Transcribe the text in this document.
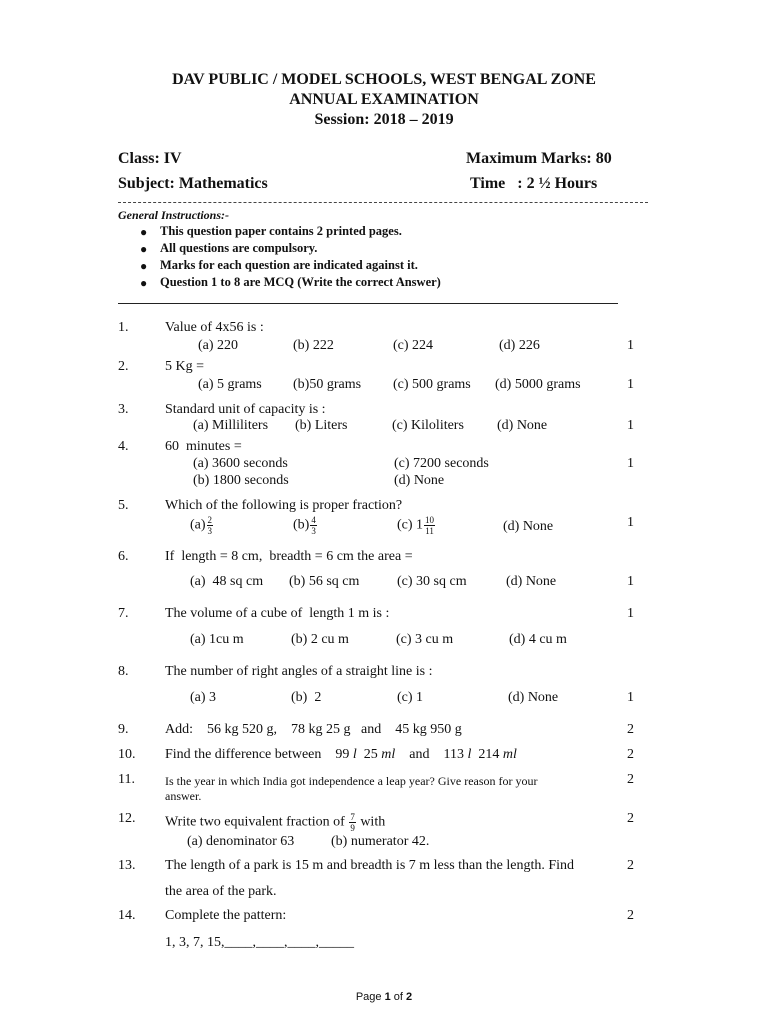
DAV PUBLIC / MODEL SCHOOLS, WEST BENGAL ZONE
ANNUAL EXAMINATION
Session: 2018 – 2019
Class: IV	Maximum Marks: 80
Subject: Mathematics	Time   : 2 ½ Hours
General Instructions:-
● This question paper contains 2 printed pages.
● All questions are compulsory.
● Marks for each question are indicated against it.
● Question 1 to 8 are MCQ (Write the correct Answer)
1.	Value of 4x56 is :
(a) 220	(b) 222	(c) 224	(d) 226	1
2.	5 Kg =
(a) 5 grams (b)50 grams (c) 500 grams (d) 5000 grams	1
3.	Standard unit of capacity is :
(a) Milliliters (b) Liters	(c) Kiloliters (d) None	1
4.	60  minutes =
(a) 3600 seconds	(c) 7200 seconds
(b) 1800 seconds	(d) None
1
5.	Which of the following is proper fraction?
$(a) \frac{2}{3}$	$(b) \frac{4}{3}$	(c) $1 \frac{10}{11}$	(d) None	1
6.	If  length = 8 cm,  breadth = 6 cm the area =
(a)  48 sq cm (b) 56 sq cm	(c) 30 sq cm	(d) None	1
7.	The volume of a cube of  length 1 m is :	1
(a) 1cu m	(b) 2 cu m	(c) 3 cu m	(d) 4 cu m
8.	The number of right angles of a straight line is :
(a) 3	(b)  2	(c) 1	(d) None	1
9.	Add:    56 kg 520 g,    78 kg 25 g   and    45 kg 950 g	2
10. Find the difference between    99 l  25 ml    and    113 l  214 ml	2
11.	Is the year in which India got independence a leap year? Give reason for your
answer.
2
12. Write two equivalent fraction of $\frac{7}{9}$ with
(a) denominator 63	(b) numerator 42.
2
13. The length of a park is 15 m and breadth is 7 m less than the length. Find
the area of the park.
2
14. Complete the pattern:
1, 3, 7, 15,____,____,____,_____
2
Page 1 of 2
